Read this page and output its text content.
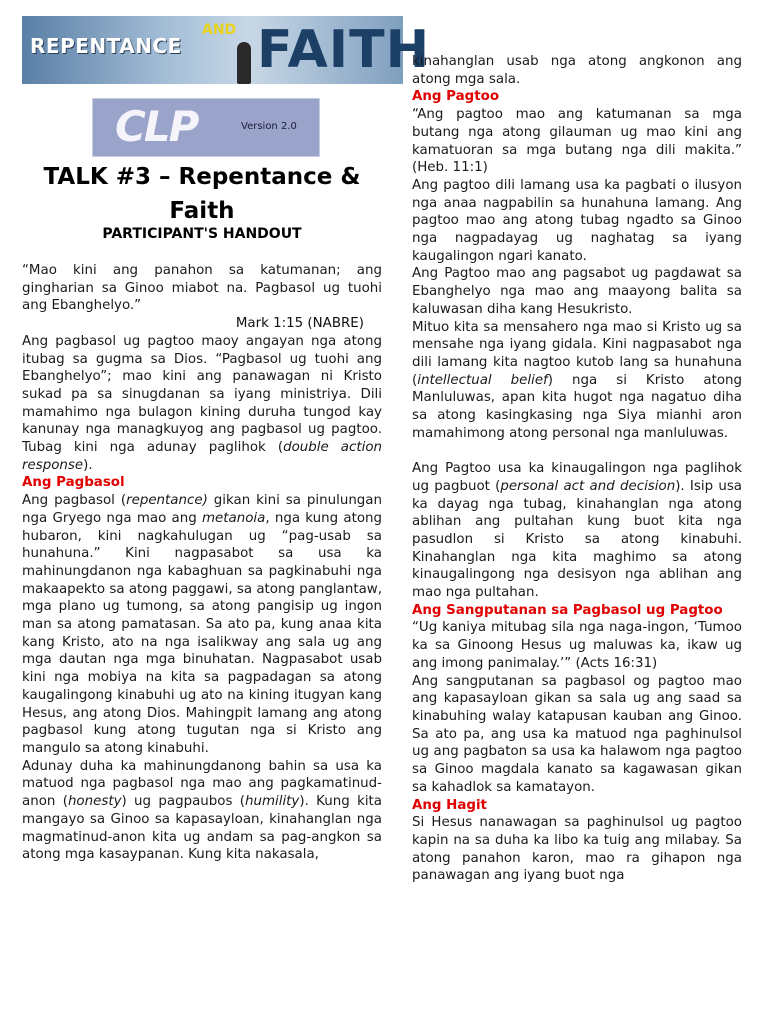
REPENTANCE
AND FAITH
CLP	Version 2.0
TALK #3 – Repentance & Faith
PARTICIPANT'S HANDOUT

“Mao kini ang panahon sa katumanan; ang gingharian sa Ginoo miabot na. Pagbasol ug tuohi ang Ebanghelyo.”

Mark 1:15 (NABRE)

Ang pagbasol ug pagtoo maoy angayan nga atong itubag sa gugma sa Dios. “Pagbasol ug tuohi ang Ebanghelyo”; mao kini ang panawagan ni Kristo sukad pa sa sinugdanan sa iyang ministriya. Dili mamahimo nga bulagon kining duruha tungod kay kanunay nga managkuyog ang pagbasol ug pagtoo. Tubag kini nga adunay paglihok (double action response).

Ang Pagbasol

Ang pagbasol (repentance) gikan kini sa pinulungan nga Gryego nga mao ang metanoia, nga kung atong hubaron, kini nagkahulugan ug “pag-usab sa hunahuna.” Kini nagpasabot sa usa ka mahinungdanon nga kabaghuan sa pagkinabuhi nga makaapekto sa atong paggawi, sa atong panglantaw, mga plano ug tumong, sa atong pangisip ug ingon man sa atong pamatasan. Sa ato pa, kung anaa kita kang Kristo, ato na nga isalikway ang sala ug ang mga dautan nga mga binuhatan. Nagpasabot usab kini nga mobiya na kita sa pagpadagan sa atong kaugalingong kinabuhi ug ato na kining itugyan kang Hesus, ang atong Dios. Mahingpit lamang ang atong pagbasol kung atong tugutan nga si Kristo ang mangulo sa atong kinabuhi.

Adunay duha ka mahinungdanong bahin sa usa ka matuod nga pagbasol nga mao ang pagkamatinud-anon (honesty) ug pagpaubos (humility). Kung kita mangayo sa Ginoo sa kapasayloan, kinahanglan nga magmatinud-anon kita ug andam sa pag-angkon sa atong mga kasaypanan. Kung kita nakasala,

kinahanglan usab nga atong angkonon ang atong mga sala.

Ang Pagtoo

“Ang pagtoo mao ang katumanan sa mga butang nga atong gilauman ug mao kini ang kamatuoran sa mga butang nga dili makita.” (Heb. 11:1)

Ang pagtoo dili lamang usa ka pagbati o ilusyon nga anaa nagpabilin sa hunahuna lamang. Ang pagtoo mao ang atong tubag ngadto sa Ginoo nga nagpadayag ug naghatag sa iyang kaugalingon ngari kanato.

Ang Pagtoo mao ang pagsabot ug pagdawat sa Ebanghelyo nga mao ang maayong balita sa kaluwasan diha kang Hesukristo.

Mituo kita sa mensahero nga mao si Kristo ug sa mensahe nga iyang gidala. Kini nagpasabot nga dili lamang kita nagtoo kutob lang sa hunahuna (intellectual belief) nga si Kristo atong Manluluwas, apan kita hugot nga nagatuo diha sa atong kasingkasing nga Siya mianhi aron mamahimong atong personal nga manluluwas.

Ang Pagtoo usa ka kinaugalingon nga paglihok ug pagbuot (personal act and decision). Isip usa ka dayag nga tubag, kinahanglan nga atong ablihan ang pultahan kung buot kita nga pasudlon si Kristo sa atong kinabuhi. Kinahanglan nga kita maghimo sa atong kinaugalingong nga desisyon nga ablihan ang mao nga pultahan.

Ang Sangputanan sa Pagbasol ug Pagtoo

“Ug kaniya mitubag sila nga naga-ingon, ‘Tumoo ka sa Ginoong Hesus ug maluwas ka, ikaw ug ang imong panimalay.’” (Acts 16:31)

Ang sangputanan sa pagbasol og pagtoo mao ang kapasayloan gikan sa sala ug ang saad sa kinabuhing walay katapusan kauban ang Ginoo. Sa ato pa, ang usa ka matuod nga paghinulsol ug ang pagbaton sa usa ka halawom nga pagtoo sa Ginoo magdala kanato sa kagawasan gikan sa kahadlok sa kamatayon.

Ang Hagit

Si Hesus nanawagan sa paghinulsol ug pagtoo kapin na sa duha ka libo ka tuig ang milabay. Sa atong panahon karon, mao ra gihapon nga panawagan ang iyang buot nga
